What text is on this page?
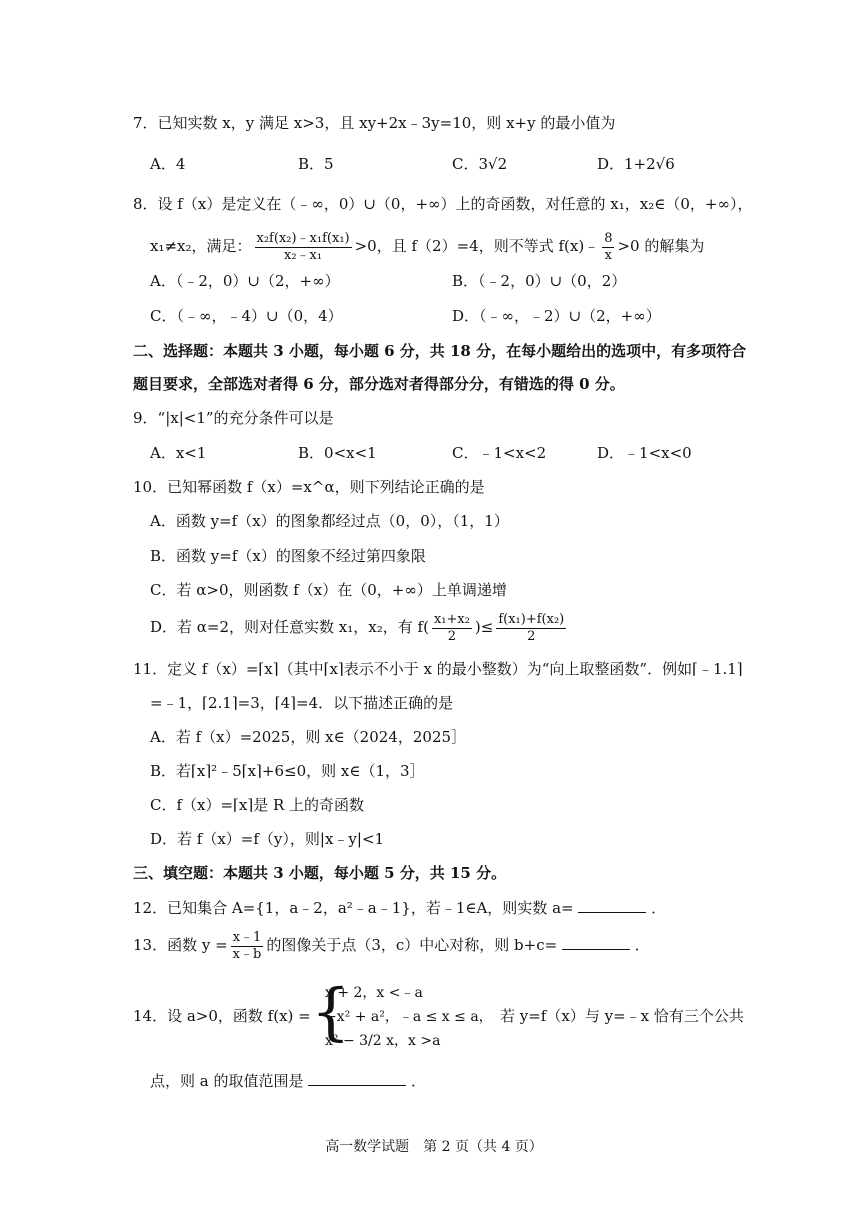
7．已知实数 x，y 满足 x>3，且 xy+2x﹣3y=10，则 x+y 的最小值为
A．4	B．5	C．3√2	D．1+2√6
8．设 f（x）是定义在（﹣∞，0）∪（0，+∞）上的奇函数，对任意的 x₁，x₂∈（0，+∞），
x₁≠x₂，满足： $\frac{\text{x₂f(x₂)﹣x₁f(x₁)}}{\text{x₂﹣x₁}} >0$，且 f（2）=4，则不等式 f(x)﹣ $\frac{8}{x} >0$ 的解集为
A．（﹣2，0）∪（2，+∞）	B．（﹣2，0）∪（0，2）
C．（﹣∞，﹣4）∪（0，4）	D．（﹣∞，﹣2）∪（2，+∞）
二、选择题：本题共 3 小题，每小题 6 分，共 18 分，在每小题给出的选项中，有多项符合
题目要求，全部选对者得 6 分，部分选对者得部分分，有错选的得 0 分。
9．“|x|<1”的充分条件可以是
A．x<1	B．0<x<1	C．﹣1<x<2	D．﹣1<x<0
10．已知幂函数 f（x）=x^α，则下列结论正确的是
A．函数 y=f（x）的图象都经过点（0，0），（1，1）
B．函数 y=f（x）的图象不经过第四象限
C．若 α>0，则函数 f（x）在（0，+∞）上单调递增
D．若 α=2，则对任意实数 x₁，x₂，有 $f( \frac{\text{x₁+x₂}}{2}$ )≤ $\frac{\text{f(x₁)+f(x₂)}}{2}$
11．定义 f（x）=⌈x⌉（其中⌈x⌉表示不小于 x 的最小整数）为“向上取整函数”．例如⌈﹣1.1⌉
=﹣1，⌈2.1⌉=3，⌈4⌉=4．以下描述正确的是
A．若 f（x）=2025，则 x∈（2024，2025］
B．若⌈x⌉²﹣5⌈x⌉+6≤0，则 x∈（1，3］
C．f（x）=⌈x⌉是 R 上的奇函数
D．若 f（x）=f（y），则|x﹣y|<1
三、填空题：本题共 3 小题，每小题 5 分，共 15 分。
12．已知集合 A={1，a﹣2，a²﹣a﹣1}，若﹣1∈A，则实数 a=	．
13．函数 $y = \frac{x﹣1}{x﹣b}$ 的图像关于点（3，c）中心对称，则 b+c=	．
14．设 a>0，函数 f(x) = {
x + 2，x <﹣a
−x² + a²，﹣a ≤ x ≤ a，
x² − 3/2 x，x >a
若 y=f（x）与 y=﹣x 恰有三个公共
点，则 a 的取值范围是	．
高一数学试题　第 2 页（共 4 页）
